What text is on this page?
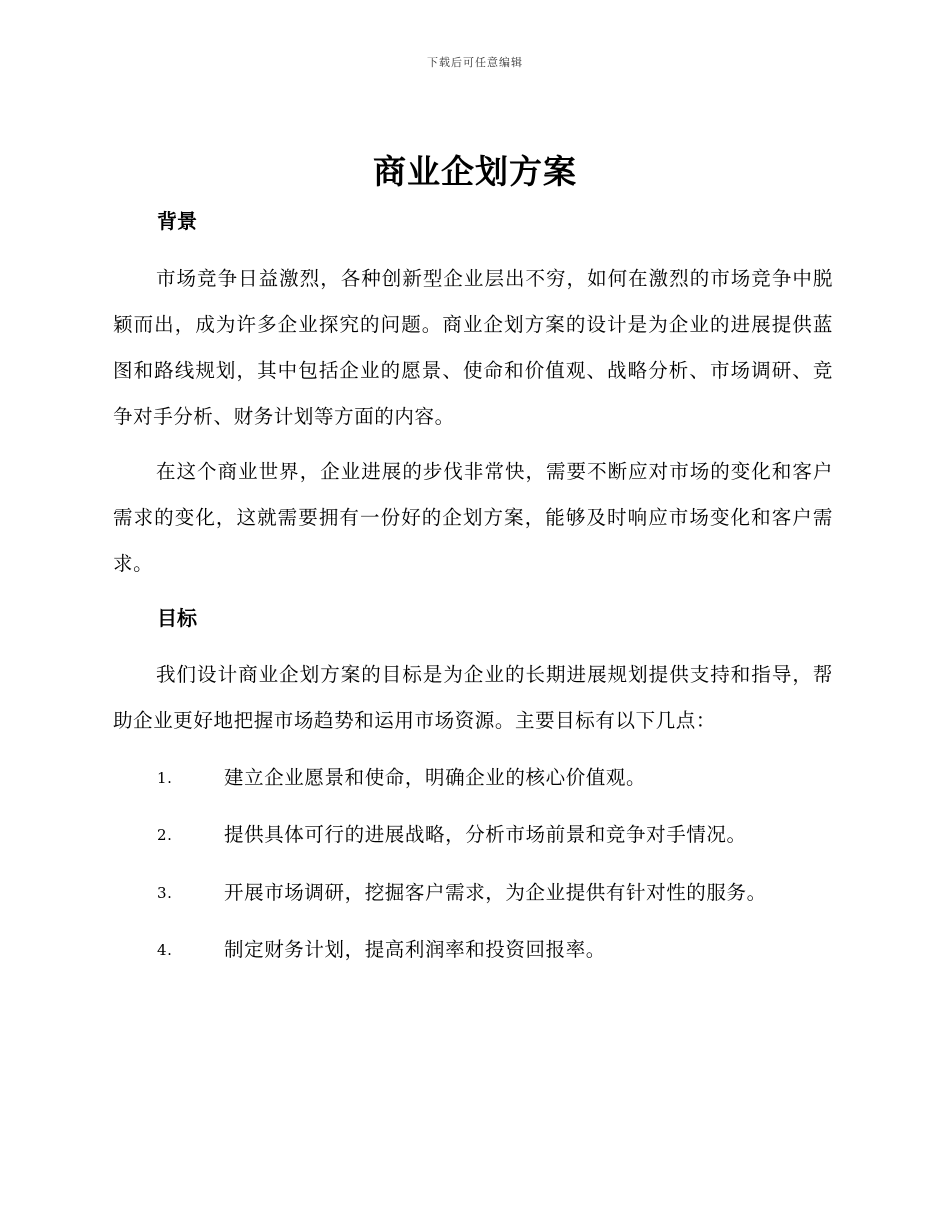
下载后可任意编辑
商业企划方案
背景
市场竞争日益激烈，各种创新型企业层出不穷，如何在激烈的市场竞争中脱颖而出，成为许多企业探究的问题。商业企划方案的设计是为企业的进展提供蓝图和路线规划，其中包括企业的愿景、使命和价值观、战略分析、市场调研、竞争对手分析、财务计划等方面的内容。
在这个商业世界，企业进展的步伐非常快，需要不断应对市场的变化和客户需求的变化，这就需要拥有一份好的企划方案，能够及时响应市场变化和客户需求。
目标
我们设计商业企划方案的目标是为企业的长期进展规划提供支持和指导，帮助企业更好地把握市场趋势和运用市场资源。主要目标有以下几点：
1.	建立企业愿景和使命，明确企业的核心价值观。
2.	提供具体可行的进展战略，分析市场前景和竞争对手情况。
3.	开展市场调研，挖掘客户需求，为企业提供有针对性的服务。
4.	制定财务计划，提高利润率和投资回报率。
